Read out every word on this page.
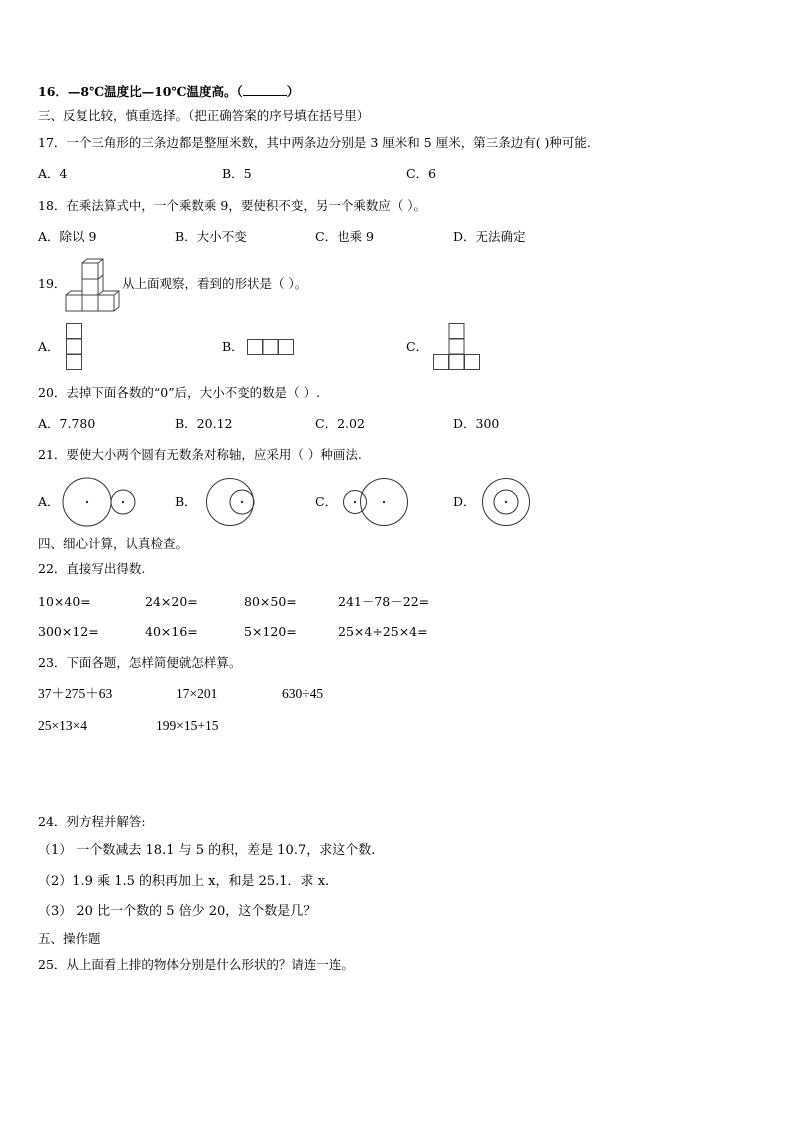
16．—8℃温度比—10℃温度高。（	）
三、反复比较，慎重选择。（把正确答案的序号填在括号里）
17．一个三角形的三条边都是整厘米数，其中两条边分别是 3 厘米和 5 厘米，第三条边有( )种可能.
A．4	B．5	C．6
18．在乘法算式中，一个乘数乘 9，要使积不变，另一个乘数应（ ）。
A．除以 9	B．大小不变	C．也乘 9	D．无法确定
19．	从上面观察，看到的形状是（ ）。
A．	B．	C．
20．去掉下面各数的“0”后，大小不变的数是（ ）.
A．7.780	B．20.12	C．2.02	D．300
21．要使大小两个圆有无数条对称轴，应采用（ ）种画法.
A．	B．	C．	D．
四、细心计算，认真检查。
22．直接写出得数.
10×40=	24×20=	80×50=	241－78－22=
300×12=	40×16=	5×120=	25×4÷25×4=
23．下面各题，怎样简便就怎样算。
37＋275＋63	17×201	630÷45
25×13×4	199×15+15
24．列方程并解答:
（1） 一个数减去 18.1 与 5 的积，差是 10.7，求这个数.
（2）1.9 乘 1.5 的积再加上 x，和是 25.1．求 x.
（3） 20 比一个数的 5 倍少 20，这个数是几？
五、操作题
25．从上面看上排的物体分别是什么形状的？请连一连。
